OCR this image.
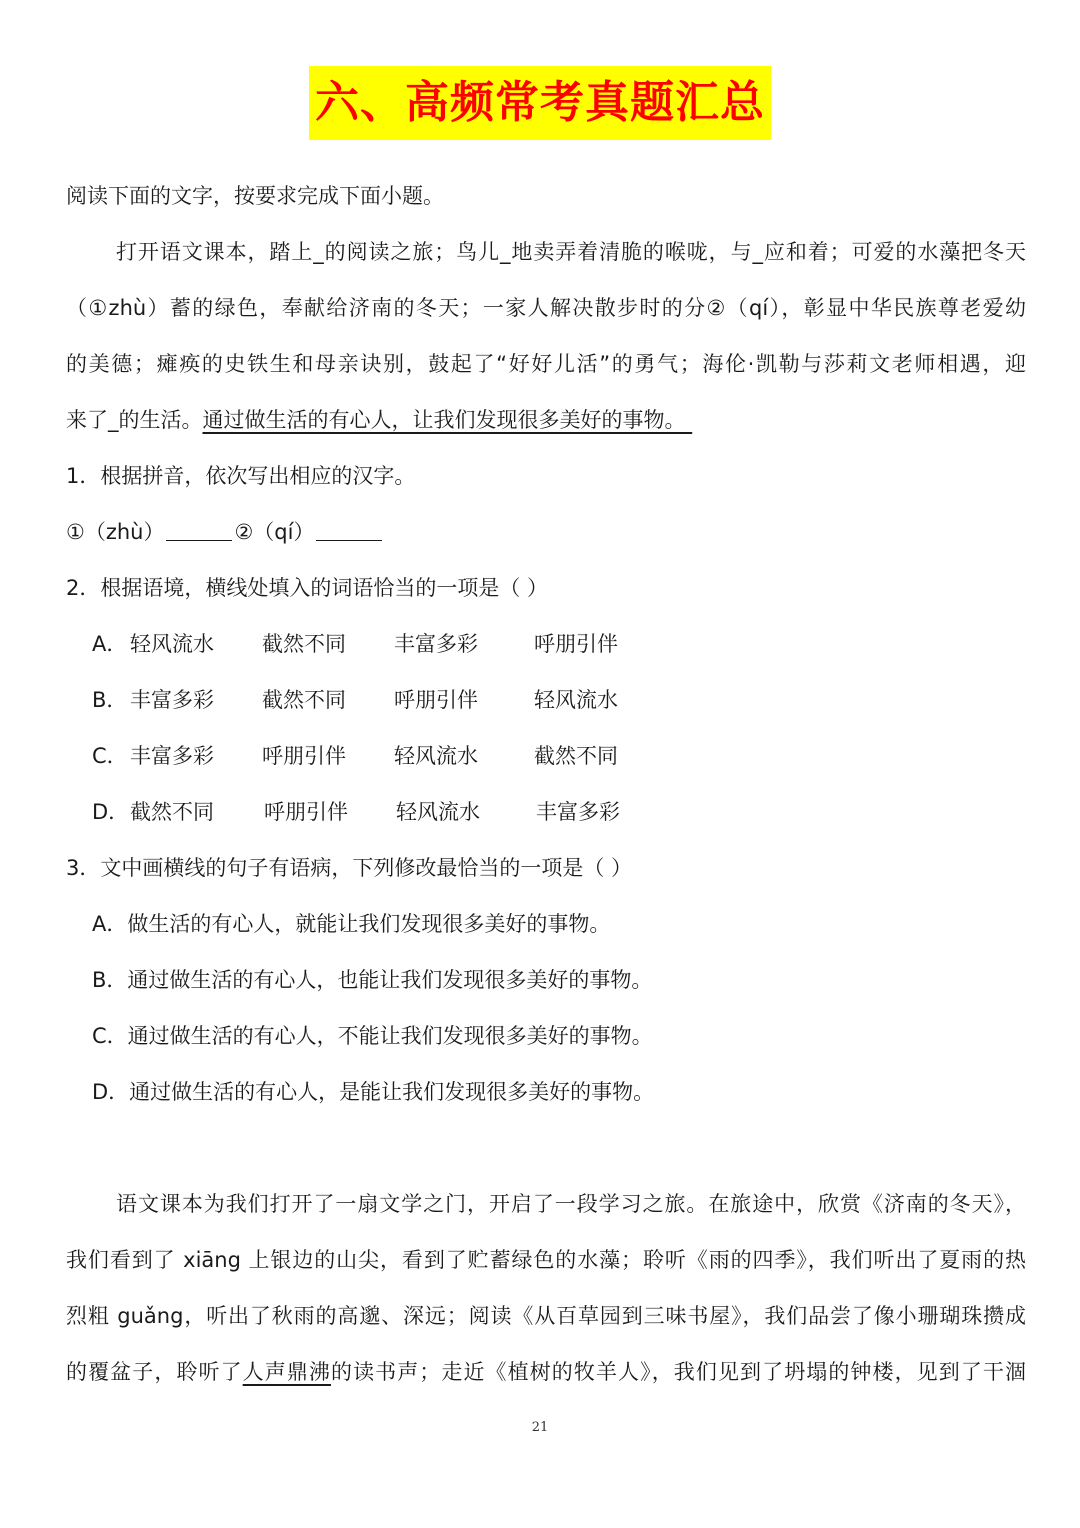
六、高频常考真题汇总
阅读下面的文字，按要求完成下面小题。
打开语文课本，踏上_的阅读之旅；鸟儿_地卖弄着清脆的喉咙，与_应和着；可爱的水藻把冬天
（①zhù）蓄的绿色，奉献给济南的冬天；一家人解决散步时的分②（qí），彰显中华民族尊老爱幼
的美德；瘫痪的史铁生和母亲诀别，鼓起了“好好儿活”的勇气；海伦·凯勒与莎莉文老师相遇，迎
来了_的生活。通过做生活的有心人，让我们发现很多美好的事物。
1．根据拼音，依次写出相应的汉字。
①（zhù）	②（qí）
2．根据语境，横线处填入的词语恰当的一项是（ ）
A． 轻风流水 截然不同 丰富多彩	呼朋引伴
B． 丰富多彩 截然不同 呼朋引伴	轻风流水
C． 丰富多彩 呼朋引伴 轻风流水	截然不同
D．截然不同 呼朋引伴 轻风流水	丰富多彩
3．文中画横线的句子有语病，下列修改最恰当的一项是（ ）
A．做生活的有心人，就能让我们发现很多美好的事物。
B．通过做生活的有心人，也能让我们发现很多美好的事物。
C．通过做生活的有心人，不能让我们发现很多美好的事物。
D．通过做生活的有心人，是能让我们发现很多美好的事物。
语文课本为我们打开了一扇文学之门，开启了一段学习之旅。在旅途中，欣赏《济南的冬天》，
我们看到了 xiāng 上银边的山尖，看到了贮蓄绿色的水藻；聆听《雨的四季》，我们听出了夏雨的热
烈粗 guǎng，听出了秋雨的高邈、深远；阅读《从百草园到三味书屋》，我们品尝了像小珊瑚珠攒成
的覆盆子，聆听了人声鼎沸的读书声；走近《植树的牧羊人》，我们见到了坍塌的钟楼，见到了干涸
21
